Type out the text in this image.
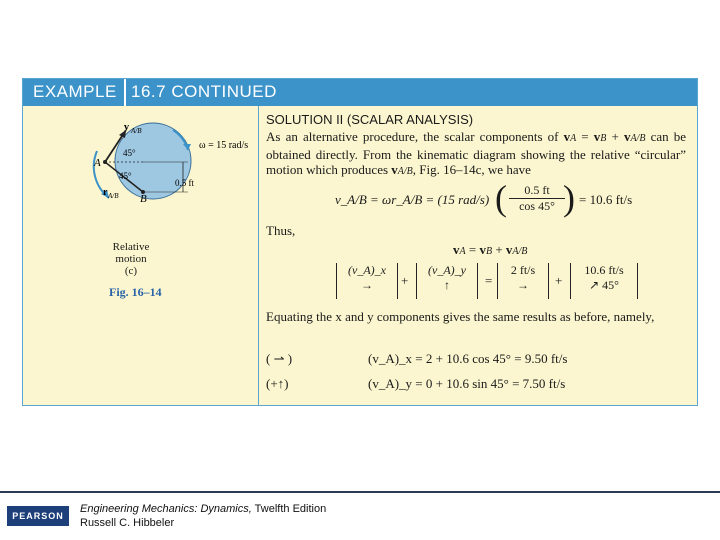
EXAMPLE 16.7 CONTINUED
ω = 15 rad/s
45°
45°
A
B
v A/B
r A/B
0.5 ft
Relative motion
(c)
Fig. 16–14
SOLUTION II (SCALAR ANALYSIS)
As an alternative procedure, the scalar components of vA = vB + vA/B can be obtained directly. From the kinematic diagram showing the relative “circular” motion which produces vA/B, Fig. 16–14c, we have
v_A/B = ωr_A/B = (15 $rad/s) \frac{0.5 ft}{\cos 45^\circ}$
( ) = 10.6 ft/s
Thus,
vA = vB + vA/B
(v_A)_x
→	+
(v_A)_y
↑	=
2 ft/s
→	+
10.6 ft/s
↗ 45°
Equating the x and y components gives the same results as before, namely,
( ⇀ )	(v_A)_x = 2 + 10.6 cos 45° = 9.50 ft/s
(+↑)	(v_A)_y = 0 + 10.6 sin 45° = 7.50 ft/s
PEARSON
Engineering Mechanics: Dynamics, Twelfth Edition
Russell C. Hibbeler
